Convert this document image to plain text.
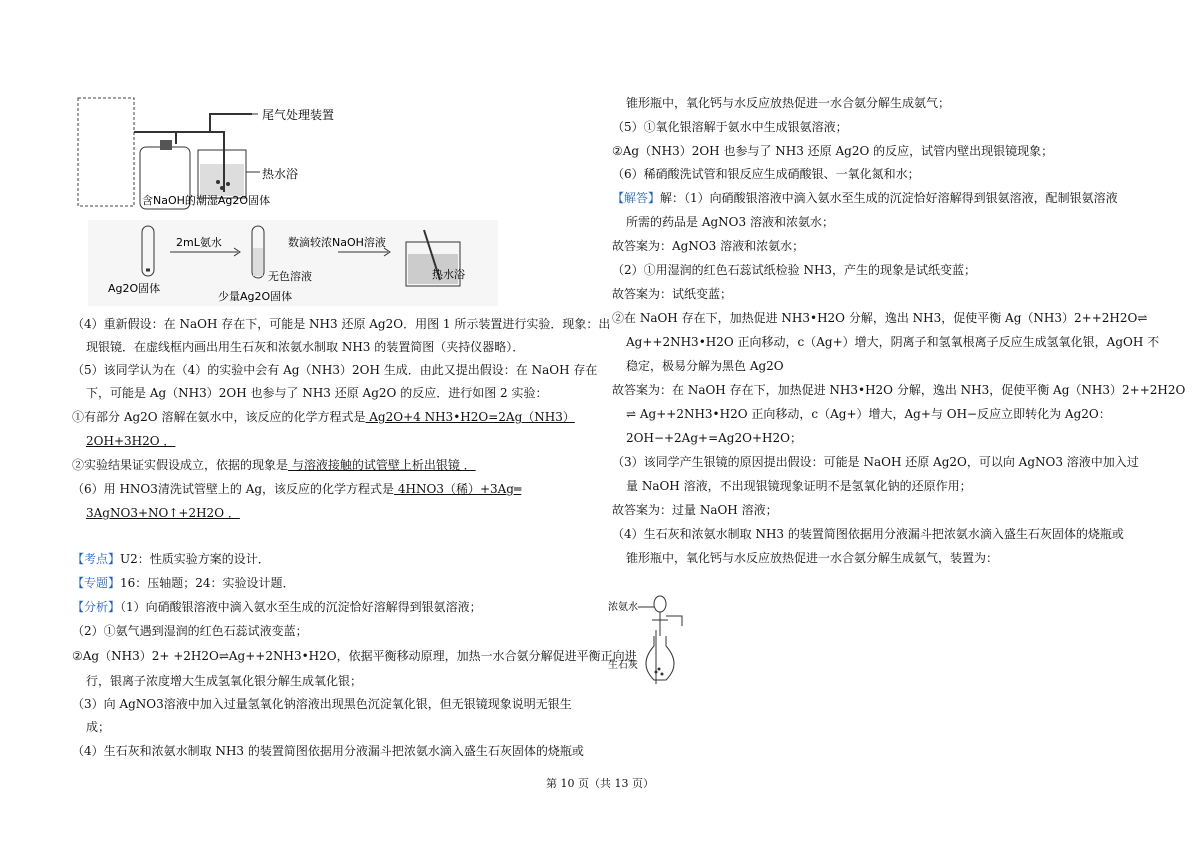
尾气处理装置
热水浴
含NaOH的潮湿Ag2O固体
Ag2O固体
2mL氨水
无色溶液
少量Ag2O固体
数滴较浓NaOH溶液
热水浴
（4）重新假设：在 NaOH 存在下，可能是 NH3 还原 Ag2O．用图 1 所示装置进行实验．现象：出
现银镜．在虚线框内画出用生石灰和浓氨水制取 NH3 的装置简图（夹持仪器略）．
（5）该同学认为在（4）的实验中会有 Ag（NH3）2OH 生成．由此又提出假设：在 NaOH 存在
下，可能是 Ag（NH3）2OH 也参与了 NH3 还原 Ag2O 的反应．进行如图 2 实验：
①有部分 Ag2O 溶解在氨水中，该反应的化学方程式是 Ag2O+4 NH3•H2O=2Ag（NH3）
2OH+3H2O ．
②实验结果证实假设成立，依据的现象是 与溶液接触的试管壁上析出银镜 ．
（6）用 HNO3清洗试管壁上的 Ag，该反应的化学方程式是 4HNO3（稀）+3Ag═
3AgNO3+NO↑+2H2O ．
【考点】U2：性质实验方案的设计．
【专题】16：压轴题；24：实验设计题．
【分析】（1）向硝酸银溶液中滴入氨水至生成的沉淀恰好溶解得到银氨溶液；
（2）①氨气遇到湿润的红色石蕊试液变蓝；
②Ag（NH3）2+ +2H2O⇌Ag++2NH3•H2O，依据平衡移动原理，加热一水合氨分解促进平衡正向进
行，银离子浓度增大生成氢氧化银分解生成氧化银；
（3）向 AgNO3溶液中加入过量氢氧化钠溶液出现黑色沉淀氧化银，但无银镜现象说明无银生
成；
（4）生石灰和浓氨水制取 NH3 的装置简图依据用分液漏斗把浓氨水滴入盛生石灰固体的烧瓶或
锥形瓶中，氧化钙与水反应放热促进一水合氨分解生成氨气；
（5）①氧化银溶解于氨水中生成银氨溶液；
②Ag（NH3）2OH 也参与了 NH3 还原 Ag2O 的反应，试管内壁出现银镜现象；
（6）稀硝酸洗试管和银反应生成硝酸银、一氧化氮和水；
【解答】解：（1）向硝酸银溶液中滴入氨水至生成的沉淀恰好溶解得到银氨溶液，配制银氨溶液
所需的药品是 AgNO3 溶液和浓氨水；
故答案为：AgNO3 溶液和浓氨水；
（2）①用湿润的红色石蕊试纸检验 NH3，产生的现象是试纸变蓝；
故答案为：试纸变蓝；
②在 NaOH 存在下，加热促进 NH3•H2O 分解，逸出 NH3，促使平衡 Ag（NH3）2++2H2O⇌
Ag++2NH3•H2O 正向移动，c（Ag+）增大，阴离子和氢氧根离子反应生成氢氧化银，AgOH 不
稳定，极易分解为黑色 Ag2O
故答案为：在 NaOH 存在下，加热促进 NH3•H2O 分解，逸出 NH3，促使平衡 Ag（NH3）2++2H2O
⇌ Ag++2NH3•H2O 正向移动，c（Ag+）增大，Ag+与 OH−反应立即转化为 Ag2O：
2OH−+2Ag+=Ag2O+H2O；
（3）该同学产生银镜的原因提出假设：可能是 NaOH 还原 Ag2O，可以向 AgNO3 溶液中加入过
量 NaOH 溶液，不出现银镜现象证明不是氢氧化钠的还原作用；
故答案为：过量 NaOH 溶液；
（4）生石灰和浓氨水制取 NH3 的装置简图依据用分液漏斗把浓氨水滴入盛生石灰固体的烧瓶或
锥形瓶中，氧化钙与水反应放热促进一水合氨分解生成氨气，装置为：
浓氨水
生石灰
第 10 页（共 13 页）
